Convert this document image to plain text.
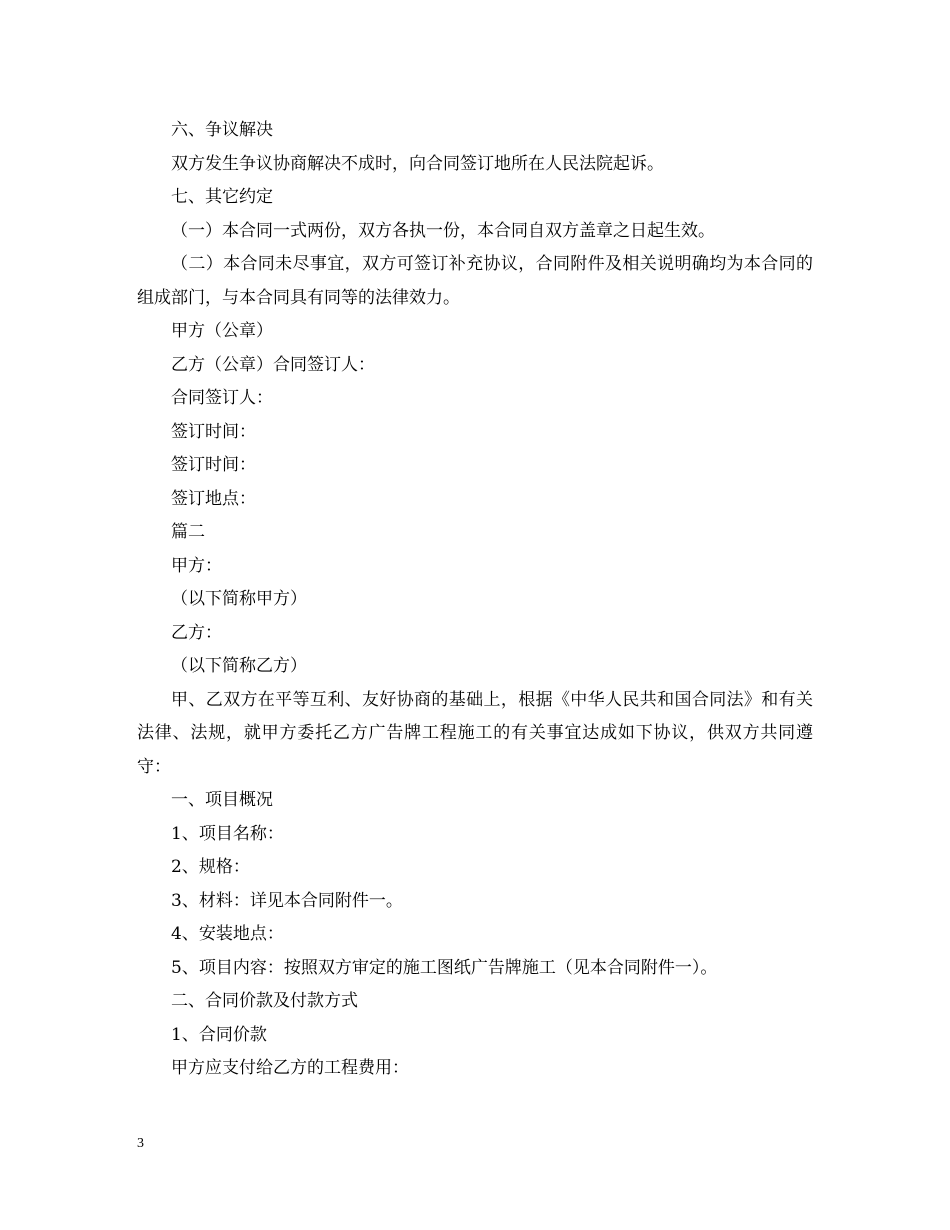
六、争议解决

双方发生争议协商解决不成时，向合同签订地所在人民法院起诉。

七、其它约定

（一）本合同一式两份，双方各执一份，本合同自双方盖章之日起生效。

（二）本合同未尽事宜，双方可签订补充协议，合同附件及相关说明确均为本合同的组成部门，与本合同具有同等的法律效力。

甲方（公章）

乙方（公章）合同签订人：

合同签订人：

签订时间：

签订时间：

签订地点：

篇二

甲方：

（以下简称甲方）

乙方：

（以下简称乙方）

甲、乙双方在平等互利、友好协商的基础上，根据《中华人民共和国合同法》和有关法律、法规，就甲方委托乙方广告牌工程施工的有关事宜达成如下协议，供双方共同遵守：

一、项目概况

1、项目名称：

2、规格：

3、材料：详见本合同附件一。

4、安装地点：

5、项目内容：按照双方审定的施工图纸广告牌施工（见本合同附件一）。

二、合同价款及付款方式

1、合同价款

甲方应支付给乙方的工程费用：

3
